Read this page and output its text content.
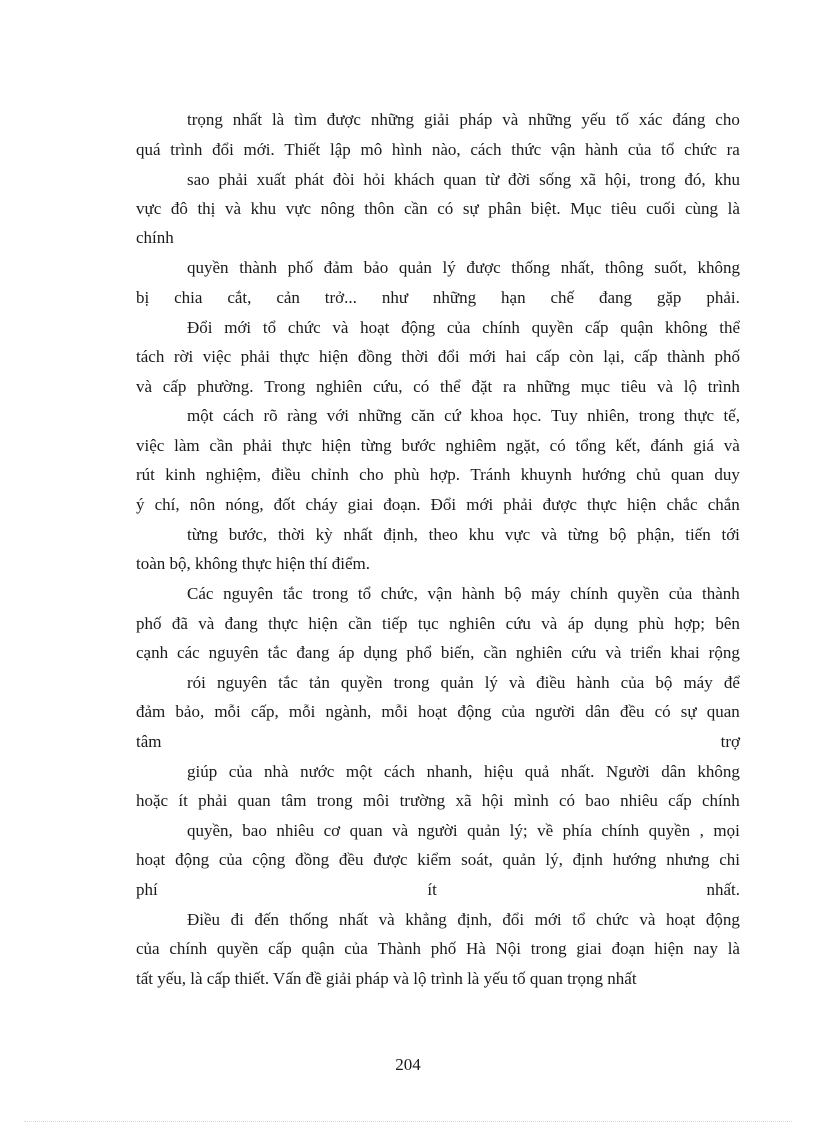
trọng nhất là tìm được những giải pháp và những yếu tố xác đáng cho
quá trình đổi mới. Thiết lập mô hình nào, cách thức vận hành của tổ chức ra
sao phải xuất phát đòi hỏi khách quan từ đời sống xã hội, trong đó, khu
vực đô thị và khu vực nông thôn cần có sự phân biệt. Mục tiêu cuối cùng là
chính
quyền thành phố đảm bảo quản lý được thống nhất, thông suốt, không
bị chia cắt, cản trở... như những hạn chế đang gặp phải.
Đổi mới tổ chức và hoạt động của chính quyền cấp quận không thể
tách rời việc phải thực hiện đồng thời đổi mới hai cấp còn lại, cấp thành phố
và cấp phường. Trong nghiên cứu, có thể đặt ra những mục tiêu và lộ trình
một cách rõ ràng với những căn cứ khoa học. Tuy nhiên, trong thực tế,
việc làm cần phải thực hiện từng bước nghiêm ngặt, có tổng kết, đánh giá và
rút kinh nghiệm, điều chỉnh cho phù hợp. Tránh khuynh hướng chủ quan duy
ý chí, nôn nóng, đốt cháy giai đoạn. Đổi mới phải được thực hiện chắc chắn
từng bước, thời kỳ nhất định, theo khu vực và từng bộ phận, tiến tới
toàn bộ, không thực hiện thí điểm.
Các nguyên tắc trong tổ chức, vận hành bộ máy chính quyền của thành
phố đã và đang thực hiện cần tiếp tục nghiên cứu và áp dụng phù hợp; bên
cạnh các nguyên tắc đang áp dụng phổ biến, cần nghiên cứu và triển khai rộng
rói nguyên tắc tản quyền trong quản lý và điều hành của bộ máy để
đảm bảo, mỗi cấp, mỗi ngành, mỗi hoạt động của người dân đều có sự quan
tâm	trợ
giúp của nhà nước một cách nhanh, hiệu quả nhất. Người dân không
hoặc ít phải quan tâm trong môi trường xã hội mình có bao nhiêu cấp chính
quyền, bao nhiêu cơ quan và người quản lý; về phía chính quyền , mọi
hoạt động của cộng đồng đều được kiểm soát, quản lý, định hướng nhưng chi
phí	ít	nhất.
Điều đi đến thống nhất và khẳng định, đổi mới tổ chức và hoạt động
của chính quyền cấp quận của Thành phố Hà Nội trong giai đoạn hiện nay là
tất yếu, là cấp thiết. Vấn đề giải pháp và lộ trình là yếu tố quan trọng nhất
204
